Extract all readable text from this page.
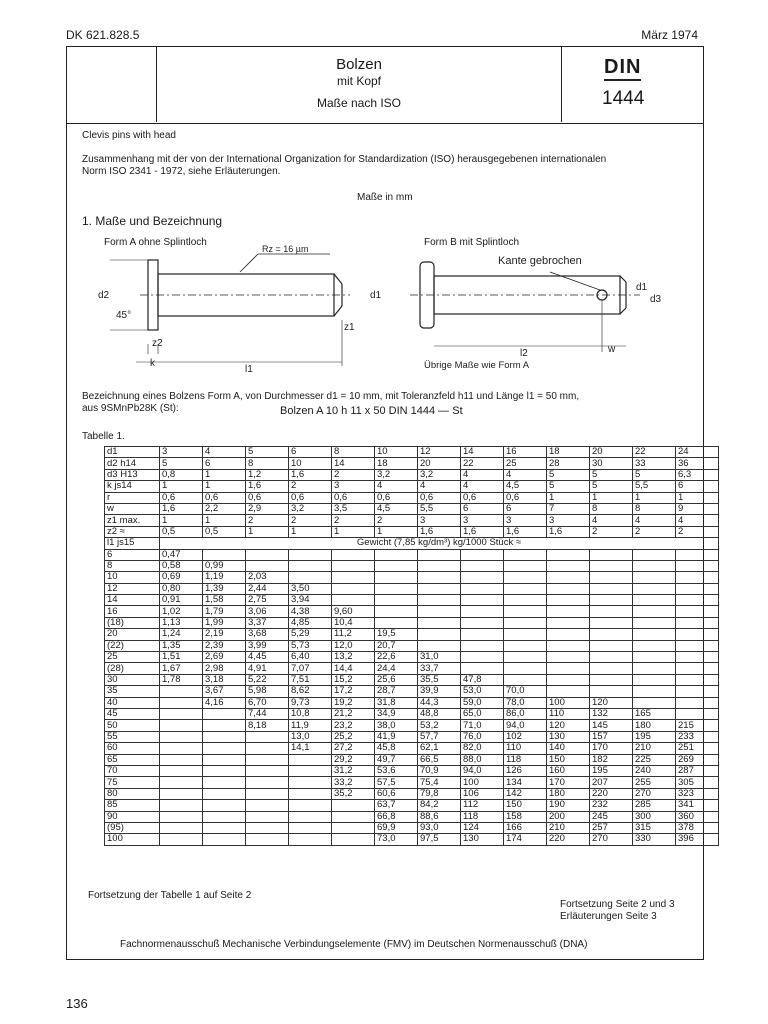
DK 621.828.5	März 1974
Bolzen
mit Kopf
Maße nach ISO
DIN
1444
Clevis pins with head
Zusammenhang mit der von der International Organization for Standardization (ISO) herausgegebenen internationalen
Norm ISO 2341 - 1972, siehe Erläuterungen.
Maße in mm
1. Maße und Bezeichnung
Form A ohne Splintloch	Form B mit Splintloch
d2
45°
d1
z1
z2
k
l1
Rz = 16 µm
Kante gebrochen
d1
d3
l2	w
Übrige Maße wie Form A
Bezeichnung eines Bolzens Form A, von Durchmesser d1 = 10 mm, mit Toleranzfeld h11 und Länge l1 = 50 mm,
aus 9SMnPb28K (St):	Bolzen A 10 h 11 x 50 DIN 1444 — St
Tabelle 1.
d1	3	4	5	6	8	10	12	14	16	18	20	22	24
d2 h14	5	6	8	10	14	18	20	22	25	28	30	33	36
d3 H13	0,8	1	1,2	1,6	2	3,2	3,2	4	4	5	5	5	6,3
k js14	1	1	1,6	2	3	4	4	4	4,5	5	5	5,5	6
r	0,6	0,6	0,6	0,6	0,6	0,6	0,6	0,6	0,6	1	1	1	1
w	1,6	2,2	2,9	3,2	3,5	4,5	5,5	6	6	7	8	8	9
z1 max.	1	1	2	2	2	2	3	3	3	3	4	4	4
z2 ≈	0,5	0,5	1	1	1	1	1,6	1,6	1,6	1,6	2	2	2
l1 js15	Gewicht (7,85 kg/dm³) kg/1000 Stück ≈												
6	0,47												
8	0,58	0,99											
10	0,69	1,19	2,03										
12	0,80	1,39	2,44	3,50									
14	0,91	1,58	2,75	3,94									
16	1,02	1,79	3,06	4,38	9,60								
(18)	1,13	1,99	3,37	4,85	10,4								
20	1,24	2,19	3,68	5,29	11,2	19,5							
(22)	1,35	2,39	3,99	5,73	12,0	20,7							
25	1,51	2,69	4,45	6,40	13,2	22,6	31,0						
(28)	1,67	2,98	4,91	7,07	14,4	24,4	33,7						
30	1,78	3,18	5,22	7,51	15,2	25,6	35,5	47,8					
35		3,67	5,98	8,62	17,2	28,7	39,9	53,0	70,0				
40		4,16	6,70	9,73	19,2	31,8	44,3	59,0	78,0	100	120		
45			7,44	10,8	21,2	34,9	48,8	65,0	86,0	110	132	165	
50			8,18	11,9	23,2	38,0	53,2	71,0	94,0	120	145	180	215
55				13,0	25,2	41,9	57,7	76,0	102	130	157	195	233
60				14,1	27,2	45,8	62,1	82,0	110	140	170	210	251
65					29,2	49,7	66,5	88,0	118	150	182	225	269
70					31,2	53,6	70,9	94,0	126	160	195	240	287
75					33,2	57,5	75,4	100	134	170	207	255	305
80					35,2	60,6	79,8	106	142	180	220	270	323
85						63,7	84,2	112	150	190	232	285	341
90						66,8	88,6	118	158	200	245	300	360
(95)						69,9	93,0	124	166	210	257	315	378
100						73,0	97,5	130	174	220	270	330	396
Fortsetzung der Tabelle 1 auf Seite 2
Fortsetzung Seite 2 und 3
Erläuterungen Seite 3
Fachnormenausschuß Mechanische Verbindungselemente (FMV) im Deutschen Normenausschuß (DNA)
136
